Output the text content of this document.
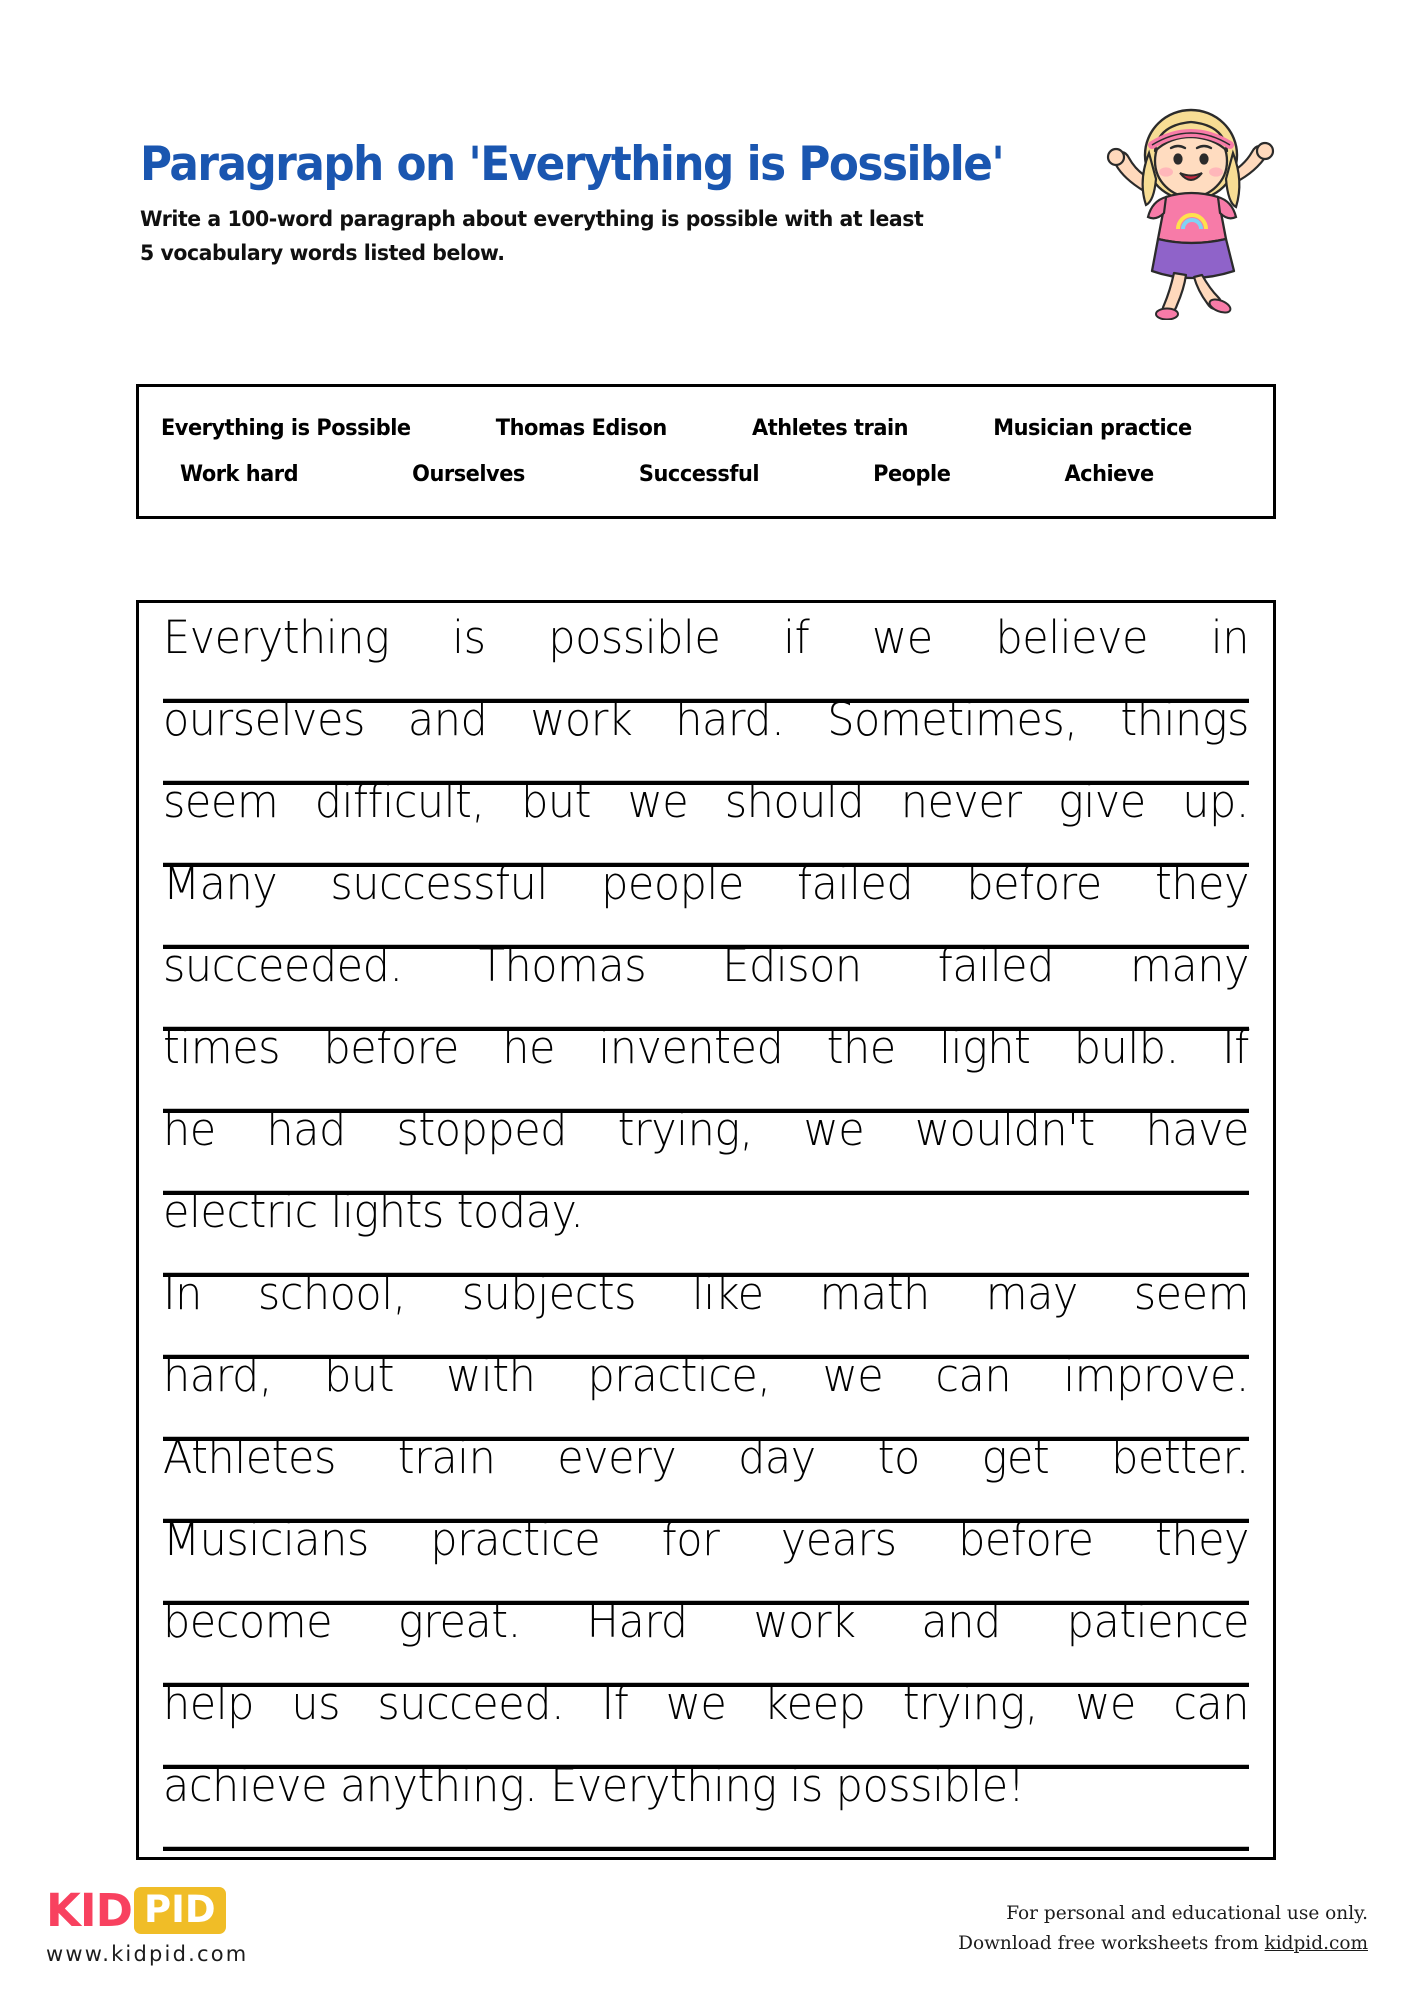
Paragraph on 'Everything is Possible'

Write a 100-word paragraph about everything is possible with at least
5 vocabulary words listed below.

Everything is Possible	Thomas Edison	Athletes train	Musician practice
Work hard	Ourselves	Successful	People	Achieve
Everything is possible if we believe in
ourselves and work hard. Sometimes, things
seem difficult, but we should never give up.
Many successful people failed before they
succeeded. Thomas Edison failed many
times before he invented the light bulb. If
he had stopped trying, we wouldn't have
electric lights today.
In school, subjects like math may seem
hard, but with practice, we can improve.
Athletes train every day to get better.
Musicians practice for years before they
become great. Hard work and patience
help us succeed. If we keep trying, we can
achieve anything. Everything is possible!
KID PID
www.kidpid.com
For personal and educational use only.
Download free worksheets from kidpid.com
